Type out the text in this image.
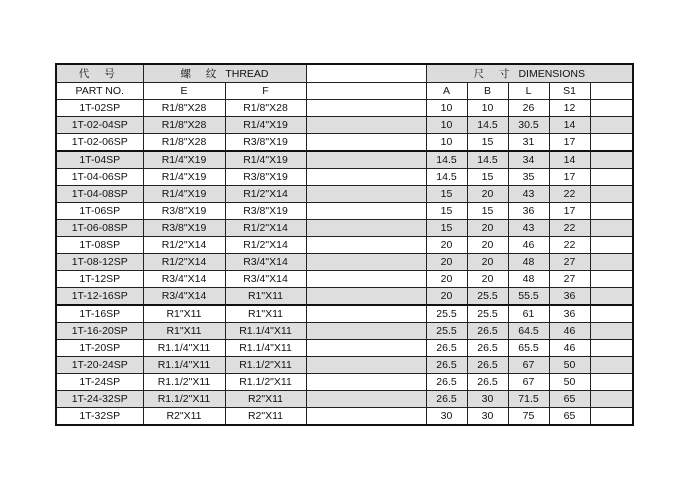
代 号	螺 纹 THREAD			尺 寸 DIMENSIONS				
PART NO.	E	F		A	B	L	S1	
1T-02SP	R1/8"X28	R1/8"X28		10	10	26	12	
1T-02-04SP	R1/8"X28	R1/4"X19		10	14.5	30.5	14	
1T-02-06SP	R1/8"X28	R3/8"X19		10	15	31	17	
1T-04SP	R1/4"X19	R1/4"X19		14.5	14.5	34	14	
1T-04-06SP	R1/4"X19	R3/8"X19		14.5	15	35	17	
1T-04-08SP	R1/4"X19	R1/2"X14		15	20	43	22	
1T-06SP	R3/8"X19	R3/8"X19		15	15	36	17	
1T-06-08SP	R3/8"X19	R1/2"X14		15	20	43	22	
1T-08SP	R1/2"X14	R1/2"X14		20	20	46	22	
1T-08-12SP	R1/2"X14	R3/4"X14		20	20	48	27	
1T-12SP	R3/4"X14	R3/4"X14		20	20	48	27	
1T-12-16SP	R3/4"X14	R1"X11		20	25.5	55.5	36	
1T-16SP	R1"X11	R1"X11		25.5	25.5	61	36	
1T-16-20SP	R1"X11	R1.1/4"X11		25.5	26.5	64.5	46	
1T-20SP	R1.1/4"X11	R1.1/4"X11		26.5	26.5	65.5	46	
1T-20-24SP	R1.1/4"X11	R1.1/2"X11		26.5	26.5	67	50	
1T-24SP	R1.1/2"X11	R1.1/2"X11		26.5	26.5	67	50	
1T-24-32SP	R1.1/2"X11	R2"X11		26.5	30	71.5	65	
1T-32SP	R2"X11	R2"X11		30	30	75	65	
